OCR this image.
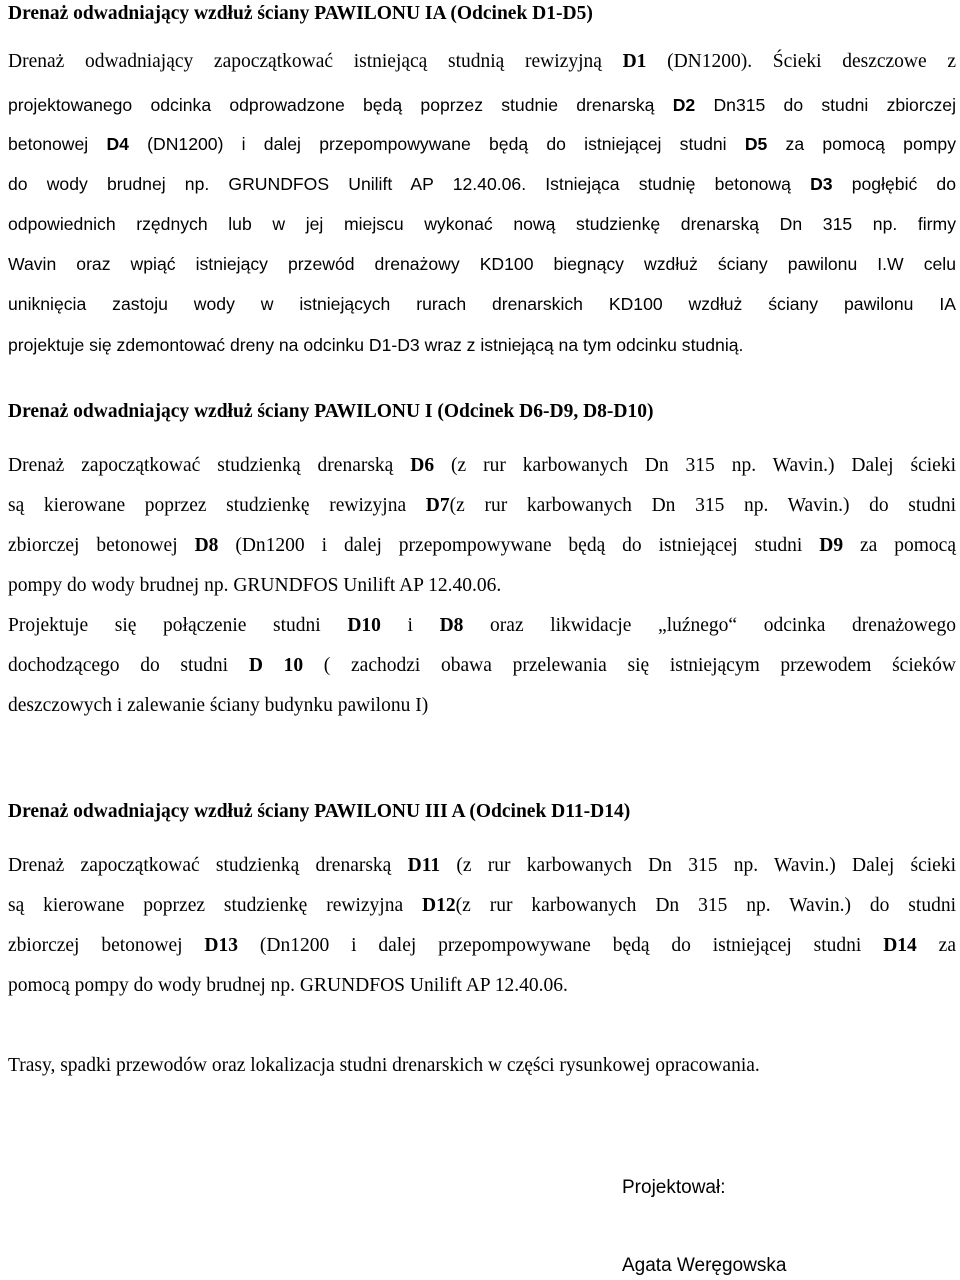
Drenaż odwadniający wzdłuż ściany PAWILONU IA (Odcinek D1-D5)
Drenaż odwadniający zapoczątkować istniejącą studnią rewizyjną D1 (DN1200). Ścieki deszczowe z
projektowanego odcinka odprowadzone będą poprzez studnie drenarską D2 Dn315 do studni zbiorczej
betonowej D4 (DN1200) i dalej przepompowywane będą do istniejącej studni D5 za pomocą pompy
do wody brudnej np. GRUNDFOS Unilift AP 12.40.06. Istniejąca studnię betonową D3 pogłębić do
odpowiednich rzędnych lub w jej miejscu wykonać nową studzienkę drenarską Dn 315 np. firmy
Wavin oraz wpiąć istniejący przewód drenażowy KD100 biegnący wzdłuż ściany pawilonu I.W celu
uniknięcia zastoju wody w istniejących rurach drenarskich KD100 wzdłuż ściany pawilonu IA
projektuje się zdemontować dreny na odcinku D1-D3 wraz z istniejącą na tym odcinku studnią.
Drenaż odwadniający wzdłuż ściany PAWILONU I (Odcinek D6-D9, D8-D10)
Drenaż zapoczątkować studzienką drenarską D6 (z rur karbowanych Dn 315 np. Wavin.) Dalej ścieki
są kierowane poprzez studzienkę rewizyjna D7(z rur karbowanych Dn 315 np. Wavin.) do studni
zbiorczej betonowej D8 (Dn1200 i dalej przepompowywane będą do istniejącej studni D9 za pomocą
pompy do wody brudnej np. GRUNDFOS Unilift AP 12.40.06.
Projektuje się połączenie studni D10 i D8 oraz likwidacje „luźnego“ odcinka drenażowego
dochodzącego do studni D 10 ( zachodzi obawa przelewania się istniejącym przewodem ścieków
deszczowych i zalewanie ściany budynku pawilonu I)
Drenaż odwadniający wzdłuż ściany PAWILONU III A (Odcinek D11-D14)
Drenaż zapoczątkować studzienką drenarską D11 (z rur karbowanych Dn 315 np. Wavin.) Dalej ścieki
są kierowane poprzez studzienkę rewizyjna D12(z rur karbowanych Dn 315 np. Wavin.) do studni
zbiorczej betonowej D13 (Dn1200 i dalej przepompowywane będą do istniejącej studni D14 za
pomocą pompy do wody brudnej np. GRUNDFOS Unilift AP 12.40.06.
Trasy, spadki przewodów oraz lokalizacja studni drenarskich w części rysunkowej opracowania.
Projektował:
Agata Weręgowska
